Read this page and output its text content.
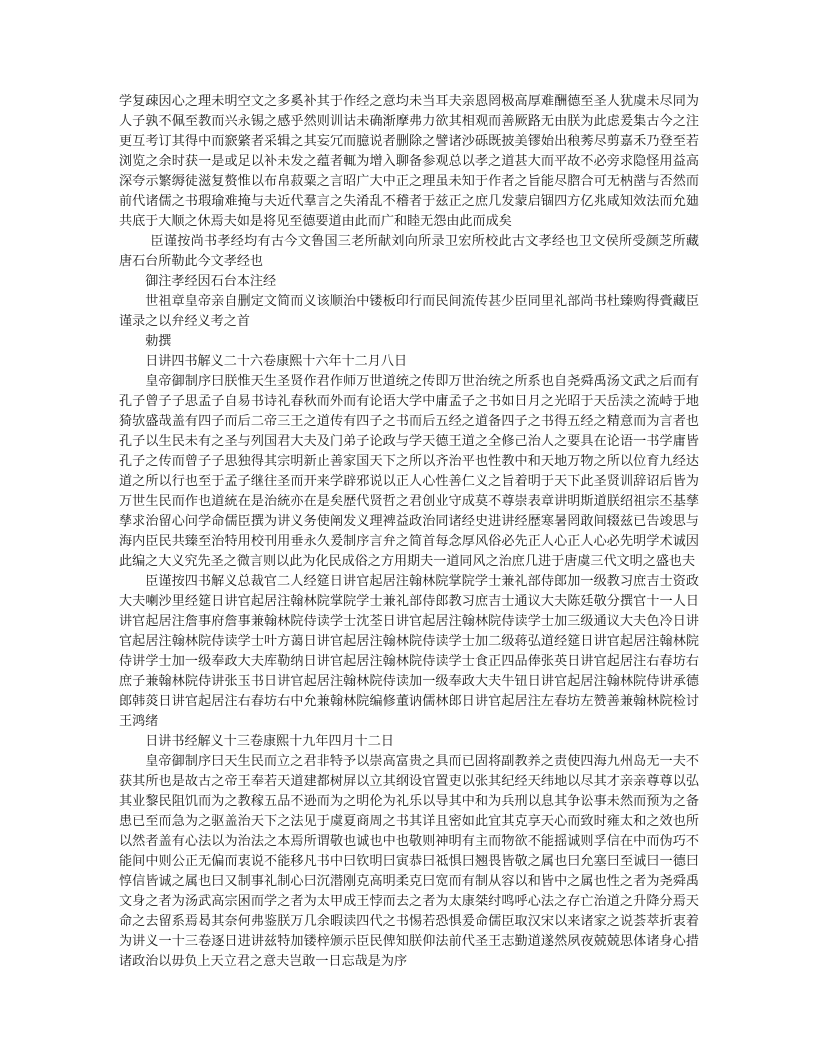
学复疎因心之理未明空文之多奚补其于作经之意均未当耳夫亲恩罔极高厚难酬德至圣人犹虞未尽同为人子孰不佩至教而兴永锡之感乎然则训诂未确渐摩弗力欲其相观而善厥路无由朕为此虑爰集古今之注更互考订其得中而窾綮者采辑之其妄冗而臆说者删除之譬诸沙砾既披美镠始出稂莠尽剪嘉禾乃登至若浏览之余时获一是或足以补未发之蕴者輒为增入聊备参观总以孝之道甚大而平故不必旁求隐怪用益高深夸示繁缛徒滋复赘惟以布帛菽粟之言昭广大中正之理虽未知于作者之旨能尽脗合可无枘凿与否然而前代诸儒之书瑕瑜难掩与夫近代羣言之失淆乱不稽者于兹正之庶几发蒙启锢四方亿兆咸知效法而允廸共底于大顺之休焉夫如是将见至德要道由此而广和睦无怨由此而成矣

臣谨按尚书孝经均有古今文鲁国三老所献刘向所录卫宏所校此古文孝经也卫文侯所受颜芝所藏唐石台所勒此今文孝经也

御注孝经因石台本注经

世祖章皇帝亲自删定文简而义该顺治中镂板印行而民间流传甚少臣同里礼部尚书杜臻购得賫藏臣谨录之以弁经义考之首

勅撰

日讲四书解义二十六卷康熙十六年十二月八日

皇帝御制序曰朕惟天生圣贤作君作师万世道统之传即万世治统之所系也自尧舜禹汤文武之后而有孔子曾子子思孟子自易书诗礼春秋而外而有论语大学中庸孟子之书如日月之光昭于天岳渎之流峙于地猗欤盛哉盖有四子而后二帝三王之道传有四子之书而后五经之道备四子之书得五经之精意而为言者也孔子以生民未有之圣与列国君大夫及门弟子论政与学天德王道之全修己治人之要具在论语一书学庸皆孔子之传而曾子子思独得其宗明新止善家国天下之所以齐治平也性教中和天地万物之所以位育九经达道之所以行也至于孟子继往圣而开来学辟邪说以正人心性善仁义之旨着明于天下此圣贤训辞诏后皆为万世生民而作也道統在是治統亦在是矣歴代贤哲之君创业守成莫不尊崇表章讲明斯道朕绍祖宗丕基孳孳求治留心问学命儒臣撰为讲义务使阐发义理裨益政治同诸经史进讲经歴寒暑罔敢间辍兹已告竣思与海内臣民共臻至治特用校刊用垂永久爰制序言弁之简首每念厚风俗必先正人心正人心必先明学术诚因此编之大义究先圣之微言则以此为化民成俗之方用期夫一道同风之治庶几进于唐虞三代文明之盛也夫

臣谨按四书解义总裁官二人经筵日讲官起居注翰林院掌院学士兼礼部侍郎加一级教习庶吉士资政大夫喇沙里经筵日讲官起居注翰林院掌院学士兼礼部侍郎教习庶吉士通议大夫陈廷敬分撰官十一人日讲官起居注詹事府詹事兼翰林院侍读学士沈荃日讲官起居注翰林院侍读学士加三级通议大夫色冷日讲官起居注翰林院侍读学士叶方蔼日讲官起居注翰林院侍读学士加二级蒋弘道经筵日讲官起居注翰林院侍讲学士加一级奉政大夫库勒纳日讲官起居注翰林院侍读学士食正四品俸张英日讲官起居注右春坊右庶子兼翰林院侍讲张玉书日讲官起居注翰林院侍读加一级奉政大夫牛钮日讲官起居注翰林院侍讲承德郎韩菼日讲官起居注右春坊右中允兼翰林院编修董讷儒林郎日讲官起居注左春坊左赞善兼翰林院检讨王鸿绪

日讲书经解义十三卷康熙十九年四月十二日

皇帝御制序曰天生民而立之君非特予以崇高富贵之具而已固将副教养之责使四海九州岛无一夫不获其所也是故古之帝王奉若天道建都树屏以立其纲设官置吏以张其纪经天纬地以尽其才亲亲尊尊以弘其业黎民阻饥而为之教稼五品不逊而为之明伦为礼乐以导其中和为兵刑以息其争讼事未然而预为之备患已至而急为之驱盖治天下之法见于虞夏商周之书其详且密如此宜其克享天心而致时雍太和之效也所以然者盖有心法以为治法之本焉所谓敬也诚也中也敬则神明有主而物欲不能摇诚则孚信在中而伪巧不能间中则公正无偏而衷说不能移凡书中曰钦明曰寅恭曰祗惧曰翘畏皆敬之属也曰允塞曰至诚曰一德曰惇信皆诚之属也曰又制事礼制心曰沉潜刚克高明柔克曰宽而有制从容以和皆中之属也性之者为尧舜禹文身之者为汤武高宗困而学之者为太甲成王悖而去之者为太康桀纣鸣呼心法之存亡治道之升降分焉天命之去留系焉曷其奈何弗鉴朕万几余暇读四代之书惕若恐惧爰命儒臣取汉宋以来诸家之说荟萃折衷着为讲义一十三卷逐日进讲兹特加镂梓颁示臣民俾知朕仰法前代圣王志勤道遂然夙夜兢兢思体诸身心措诸政治以毋负上天立君之意夫岂敢一日忘哉是为序
